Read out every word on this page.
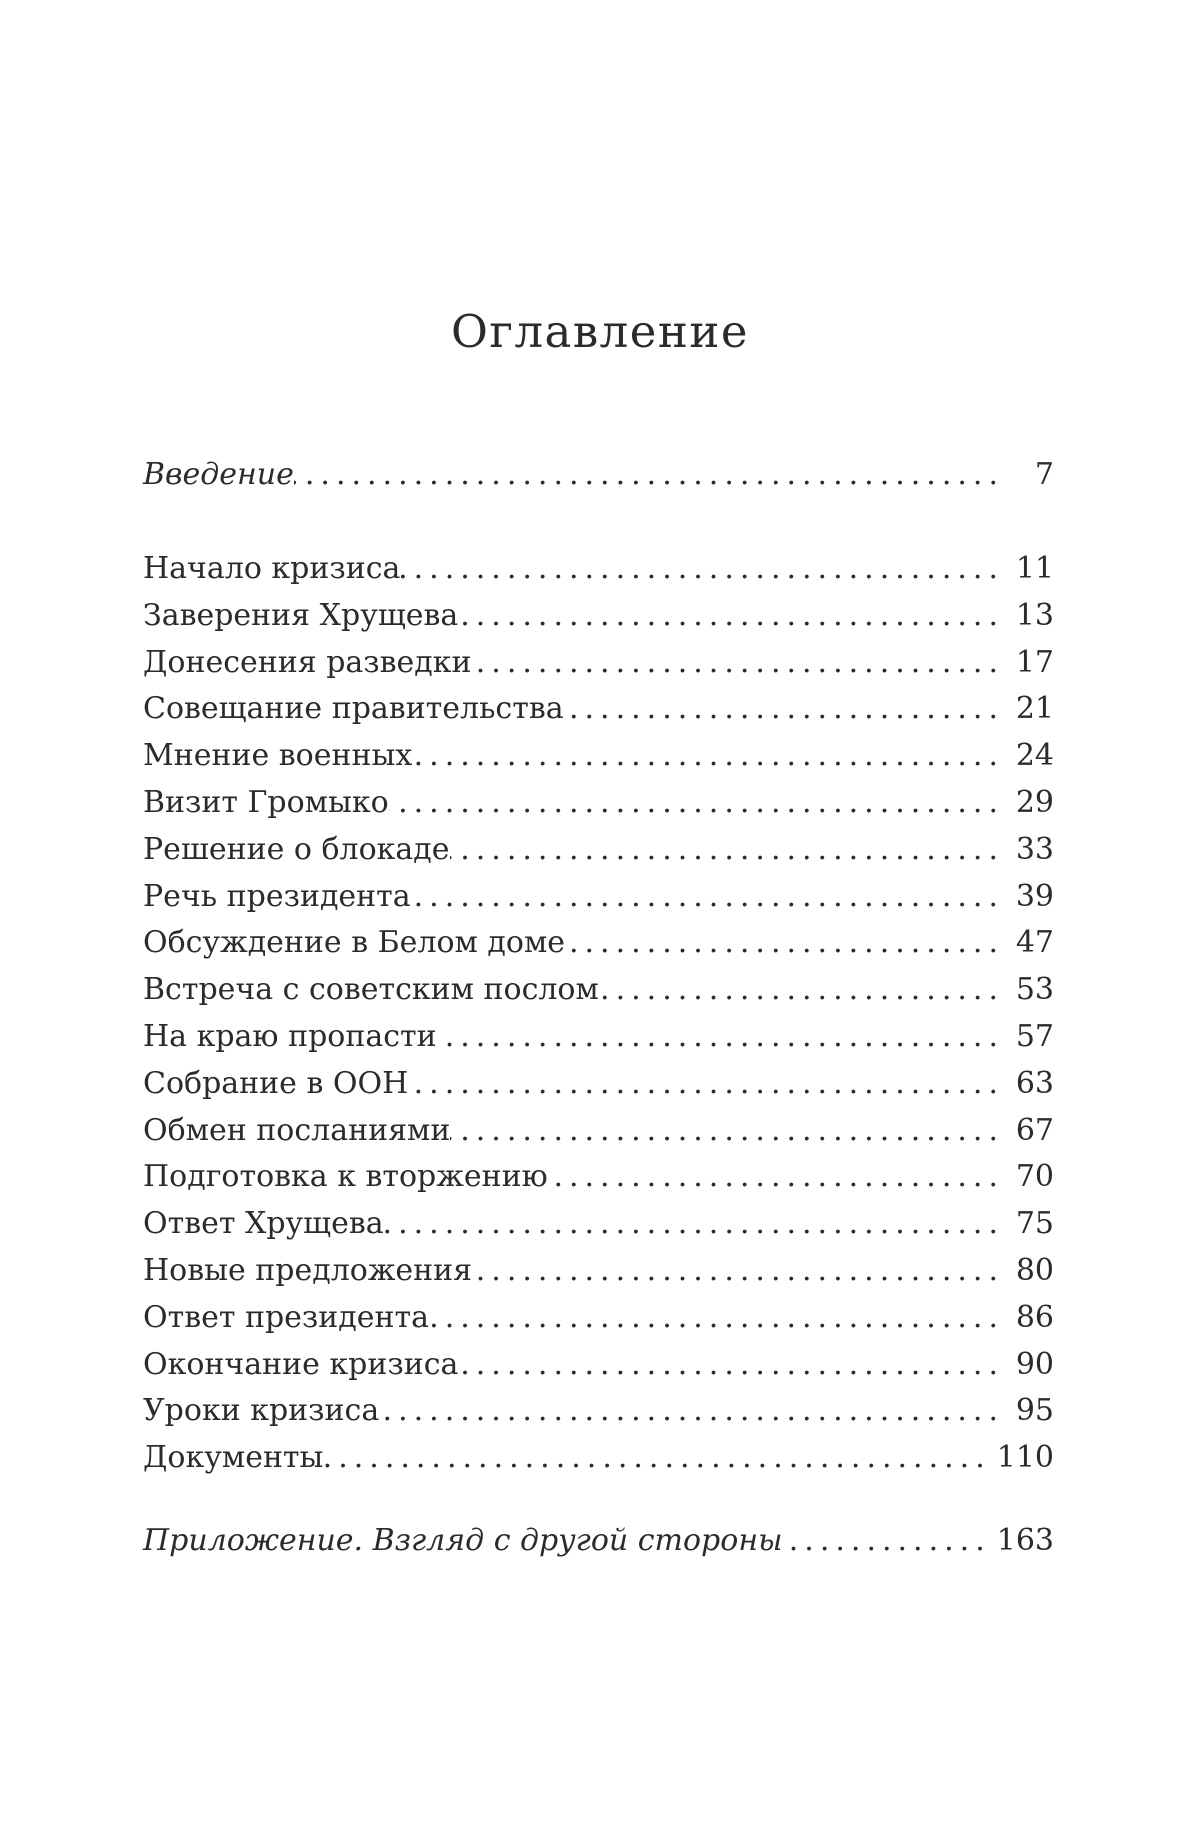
Оглавление
Введение .....	7
Начало кризиса .....	11
Заверения Хрущева .....	13
Донесения разведки .....	17
Совещание правительства .....	21
Мнение военных .....	24
Визит Громыко .....	29
Решение о блокаде .....	33
Речь президента .....	39
Обсуждение в Белом доме .....	47
Встреча с советским послом .....	53
На краю пропасти .....	57
Собрание в ООН .....	63
Обмен посланиями .....	67
Подготовка к вторжению .....	70
Ответ Хрущева .....	75
Новые предложения .....	80
Ответ президента .....	86
Окончание кризиса .....	90
Уроки кризиса .....	95
Документы .....	110
Приложение. Взгляд с другой стороны .....	163
